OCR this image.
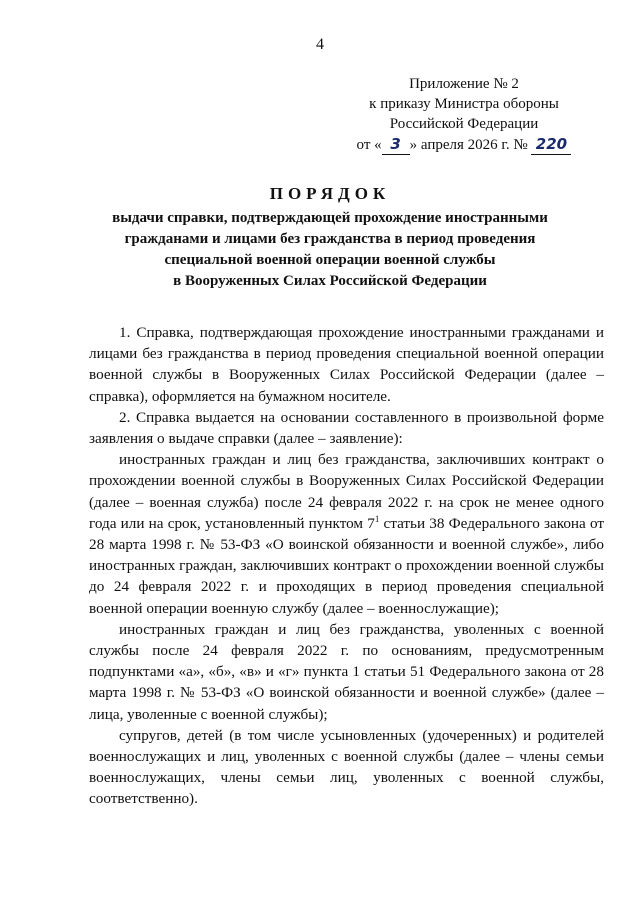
4
Приложение № 2
к приказу Министра обороны
Российской Федерации
от « 3 » апреля 2026 г. № 220
ПОРЯДОК
выдачи справки, подтверждающей прохождение иностранными
гражданами и лицами без гражданства в период проведения
специальной военной операции военной службы
в Вооруженных Силах Российской Федерации

1. Справка, подтверждающая прохождение иностранными гражданами и лицами без гражданства в период проведения специальной военной операции военной службы в Вооруженных Силах Российской Федерации (далее – справка), оформляется на бумажном носителе.

2. Справка выдается на основании составленного в произвольной форме заявления о выдаче справки (далее – заявление):

иностранных граждан и лиц без гражданства, заключивших контракт о прохождении военной службы в Вооруженных Силах Российской Федерации (далее – военная служба) после 24 февраля 2022 г. на срок не менее одного года или на срок, установленный пунктом $7^1$ статьи 38 Федерального закона от 28 марта 1998 г. № 53-ФЗ «О воинской обязанности и военной службе», либо иностранных граждан, заключивших контракт о прохождении военной службы до 24 февраля 2022 г. и проходящих в период проведения специальной военной операции военную службу (далее – военнослужащие);

иностранных граждан и лиц без гражданства, уволенных с военной службы после 24 февраля 2022 г. по основаниям, предусмотренным подпунктами «а», «б», «в» и «г» пункта 1 статьи 51 Федерального закона от 28 марта 1998 г. № 53-ФЗ «О воинской обязанности и военной службе» (далее – лица, уволенные с военной службы);

супругов, детей (в том числе усыновленных (удочеренных) и родителей военнослужащих и лиц, уволенных с военной службы (далее – члены семьи военнослужащих, члены семьи лиц, уволенных с военной службы, соответственно).
